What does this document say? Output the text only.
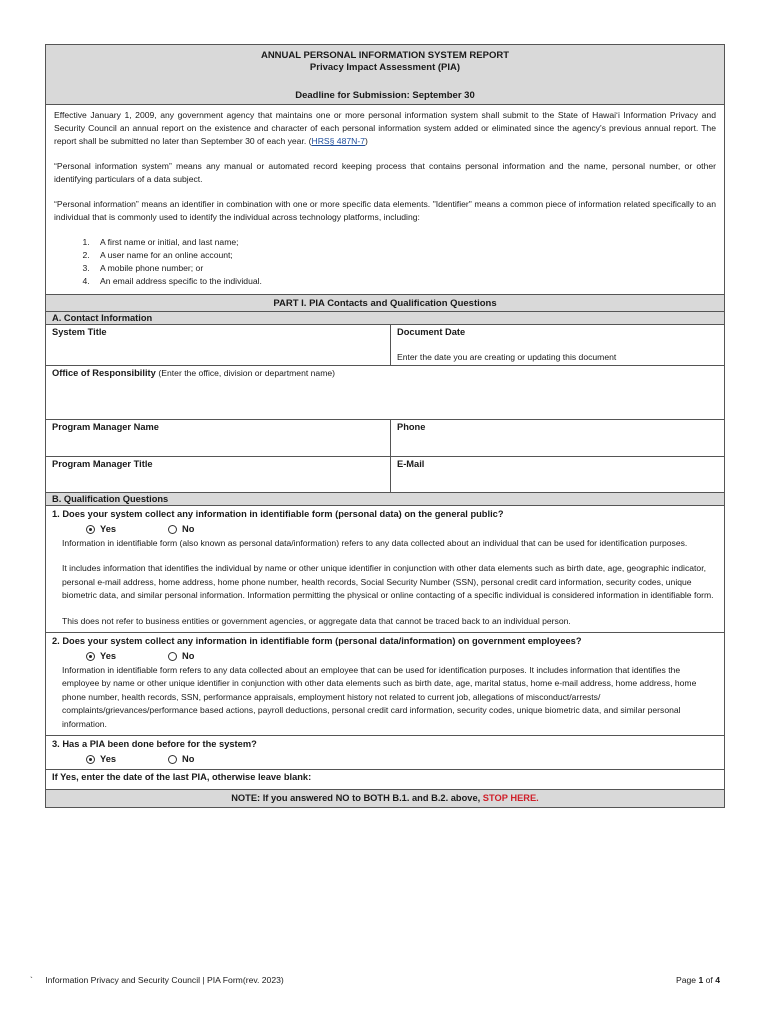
ANNUAL PERSONAL INFORMATION SYSTEM REPORT
Privacy Impact Assessment (PIA)
Deadline for Submission: September 30

Effective January 1, 2009, any government agency that maintains one or more personal information system shall submit to the State of Hawaiʻi Information Privacy and Security Council an annual report on the existence and character of each personal information system added or eliminated since the agency's previous annual report. The report shall be submitted no later than September 30 of each year. (HRS§ 487N-7)

“Personal information system” means any manual or automated record keeping process that contains personal information and the name, personal number, or other identifying particulars of a data subject.

“Personal information” means an identifier in combination with one or more specific data elements. "Identifier" means a common piece of information related specifically to an individual that is commonly used to identify the individual across technology platforms, including:

1. A first name or initial, and last name;
2. A user name for an online account;
3. A mobile phone number; or
4. An email address specific to the individual.
PART I. PIA Contacts and Qualification Questions
A. Contact Information
System Title	Document Date
Enter the date you are creating or updating this document
Office of Responsibility (Enter the office, division or department name)
Program Manager Name	Phone
Program Manager Title	E-Mail
B. Qualification Questions
1. Does your system collect any information in identifiable form (personal data) on the general public?
Yes	No

Information in identifiable form (also known as personal data/information) refers to any data collected about an individual that can be used for identification purposes.

It includes information that identifies the individual by name or other unique identifier in conjunction with other data elements such as birth date, age, geographic indicator, personal e-mail address, home address, home phone number, health records, Social Security Number (SSN), personal credit card information, security codes, unique biometric data, and similar personal information. Information permitting the physical or online contacting of a specific individual is considered information in identifiable form.

This does not refer to business entities or government agencies, or aggregate data that cannot be traced back to an individual person.

2. Does your system collect any information in identifiable form (personal data/information) on government employees?
Yes	No

Information in identifiable form refers to any data collected about an employee that can be used for identification purposes. It includes information that identifies the employee by name or other unique identifier in conjunction with other data elements such as birth date, age, marital status, home e-mail address, home address, home phone number, health records, SSN, performance appraisals, employment history not related to current job, allegations of misconduct/arrests/ complaints/grievances/performance based actions, payroll deductions, personal credit card information, security codes, unique biometric data, and similar personal information.

3. Has a PIA been done before for the system?
Yes	No
If Yes, enter the date of the last PIA, otherwise leave blank:
NOTE: If you answered NO to BOTH B.1. and B.2. above, STOP HERE.
` Information Privacy and Security Council | PIA Form(rev. 2023)	Page 1 of 4
